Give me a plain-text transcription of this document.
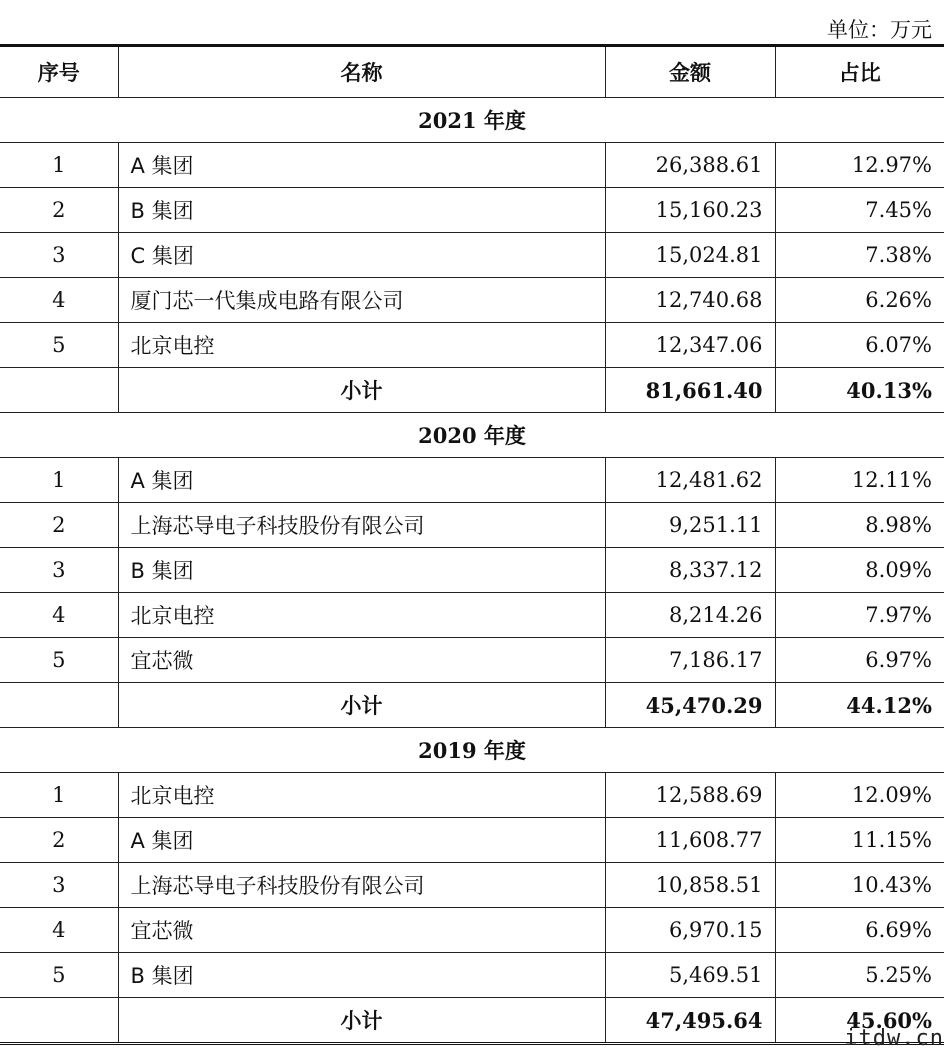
单位：万元
序号	名称	金额	占比
2021 年度			
1	A 集团	26,388.61	12.97%
2	B 集团	15,160.23	7.45%
3	C 集团	15,024.81	7.38%
4	厦门芯一代集成电路有限公司	12,740.68	6.26%
5	北京电控	12,347.06	6.07%
	小计	81,661.40	40.13%
2020 年度			
1	A 集团	12,481.62	12.11%
2	上海芯导电子科技股份有限公司	9,251.11	8.98%
3	B 集团	8,337.12	8.09%
4	北京电控	8,214.26	7.97%
5	宜芯微	7,186.17	6.97%
	小计	45,470.29	44.12%
2019 年度			
1	北京电控	12,588.69	12.09%
2	A 集团	11,608.77	11.15%
3	上海芯导电子科技股份有限公司	10,858.51	10.43%
4	宜芯微	6,970.15	6.69%
5	B 集团	5,469.51	5.25%
	小计	47,495.64	45.60%
itdw.cn
